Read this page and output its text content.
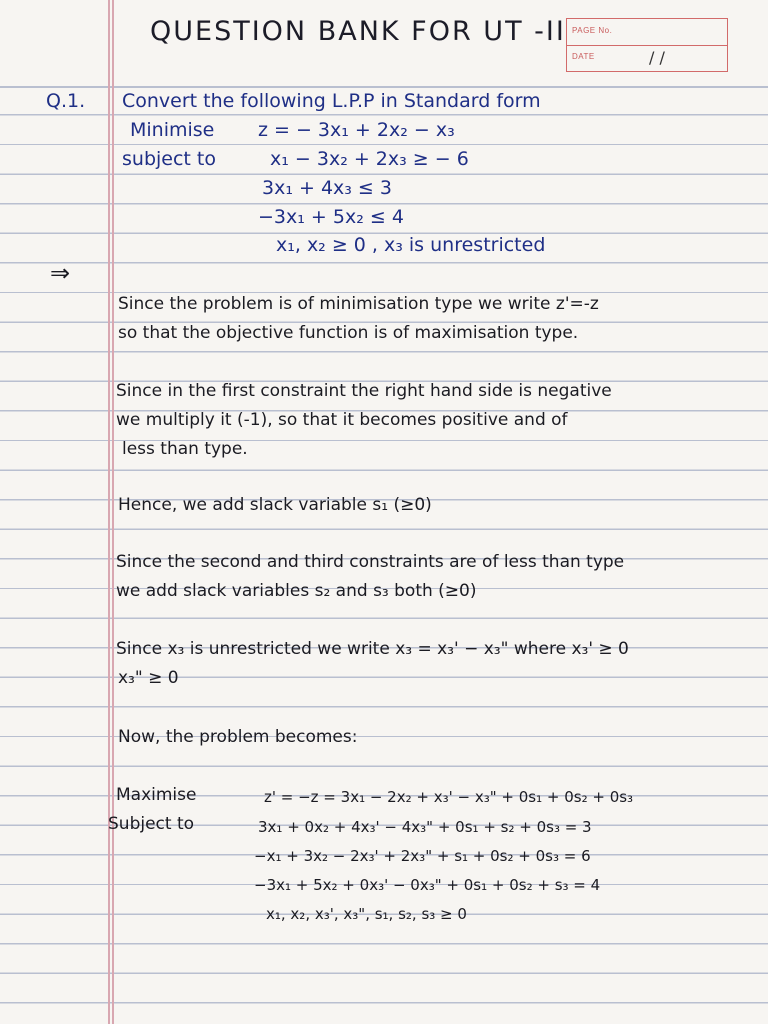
QUESTION BANK FOR UT -II PAGE No.
DATE	/ /
Q.1. Convert the following L.P.P in Standard form
Minimise z = − 3x₁ + 2x₂ − x₃
subject to	x₁ − 3x₂ + 2x₃ ≥ − 6
3x₁ + 4x₃ ≤ 3
−3x₁ + 5x₂ ≤ 4
x₁, x₂ ≥ 0 , x₃ is unrestricted
⇒
Since the problem is of minimisation type we write z'=-z
so that the objective function is of maximisation type.
Since in the first constraint the right hand side is negative
we multiply it (-1), so that it becomes positive and of
less than type.
Hence, we add slack variable s₁ (≥0)
Since the second and third constraints are of less than type
we add slack variables s₂ and s₃ both (≥0)
Since x₃ is unrestricted we write x₃ = x₃' − x₃" where x₃' ≥ 0
x₃" ≥ 0
Now, the problem becomes:
Maximise	z' = −z = 3x₁ − 2x₂ + x₃' − x₃" + 0s₁ + 0s₂ + 0s₃
Subject to	3x₁ + 0x₂ + 4x₃' − 4x₃" + 0s₁ + s₂ + 0s₃ = 3
−x₁ + 3x₂ − 2x₃' + 2x₃" + s₁ + 0s₂ + 0s₃ = 6
−3x₁ + 5x₂ + 0x₃' − 0x₃" + 0s₁ + 0s₂ + s₃ = 4
x₁, x₂, x₃', x₃", s₁, s₂, s₃ ≥ 0
